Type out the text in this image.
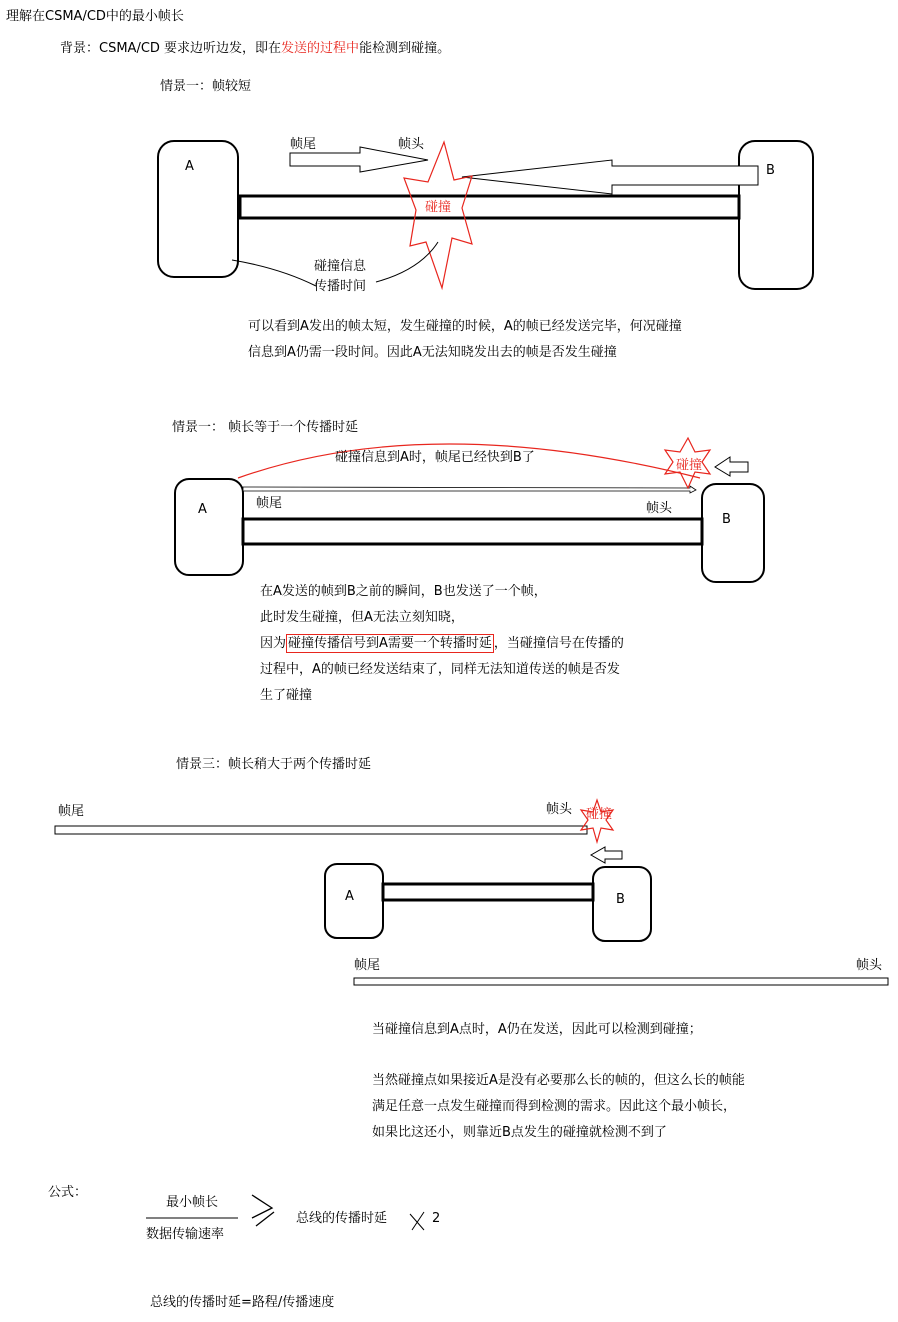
理解在CSMA/CD中的最小帧长
背景：CSMA/CD 要求边听边发，即在发送的过程中能检测到碰撞。
情景一：帧较短
A	B
帧尾	帧头
碰撞
碰撞信息
传播时间
可以看到A发出的帧太短，发生碰撞的时候，A的帧已经发送完毕，何况碰撞
信息到A仍需一段时间。因此A无法知晓发出去的帧是否发生碰撞
情景一： 帧长等于一个传播时延
碰撞信息到A时，帧尾已经快到B了
碰撞
A
B
帧尾	帧头
在A发送的帧到B之前的瞬间，B也发送了一个帧，
此时发生碰撞，但A无法立刻知晓，
因为 碰撞传播信号到A需要一个转播时延 ，当碰撞信号在传播的
过程中，A的帧已经发送结束了，同样无法知道传送的帧是否发
生了碰撞
情景三：帧长稍大于两个传播时延
帧尾	帧头 碰撞
A	B
帧尾	帧头
当碰撞信息到A点时，A仍在发送，因此可以检测到碰撞；
当然碰撞点如果接近A是没有必要那么长的帧的，但这么长的帧能
满足任意一点发生碰撞而得到检测的需求。因此这个最小帧长，
如果比这还小，则靠近B点发生的碰撞就检测不到了
公式：
最小帧长
数据传输速率
总线的传播时延	2
总线的传播时延=路程/传播速度
